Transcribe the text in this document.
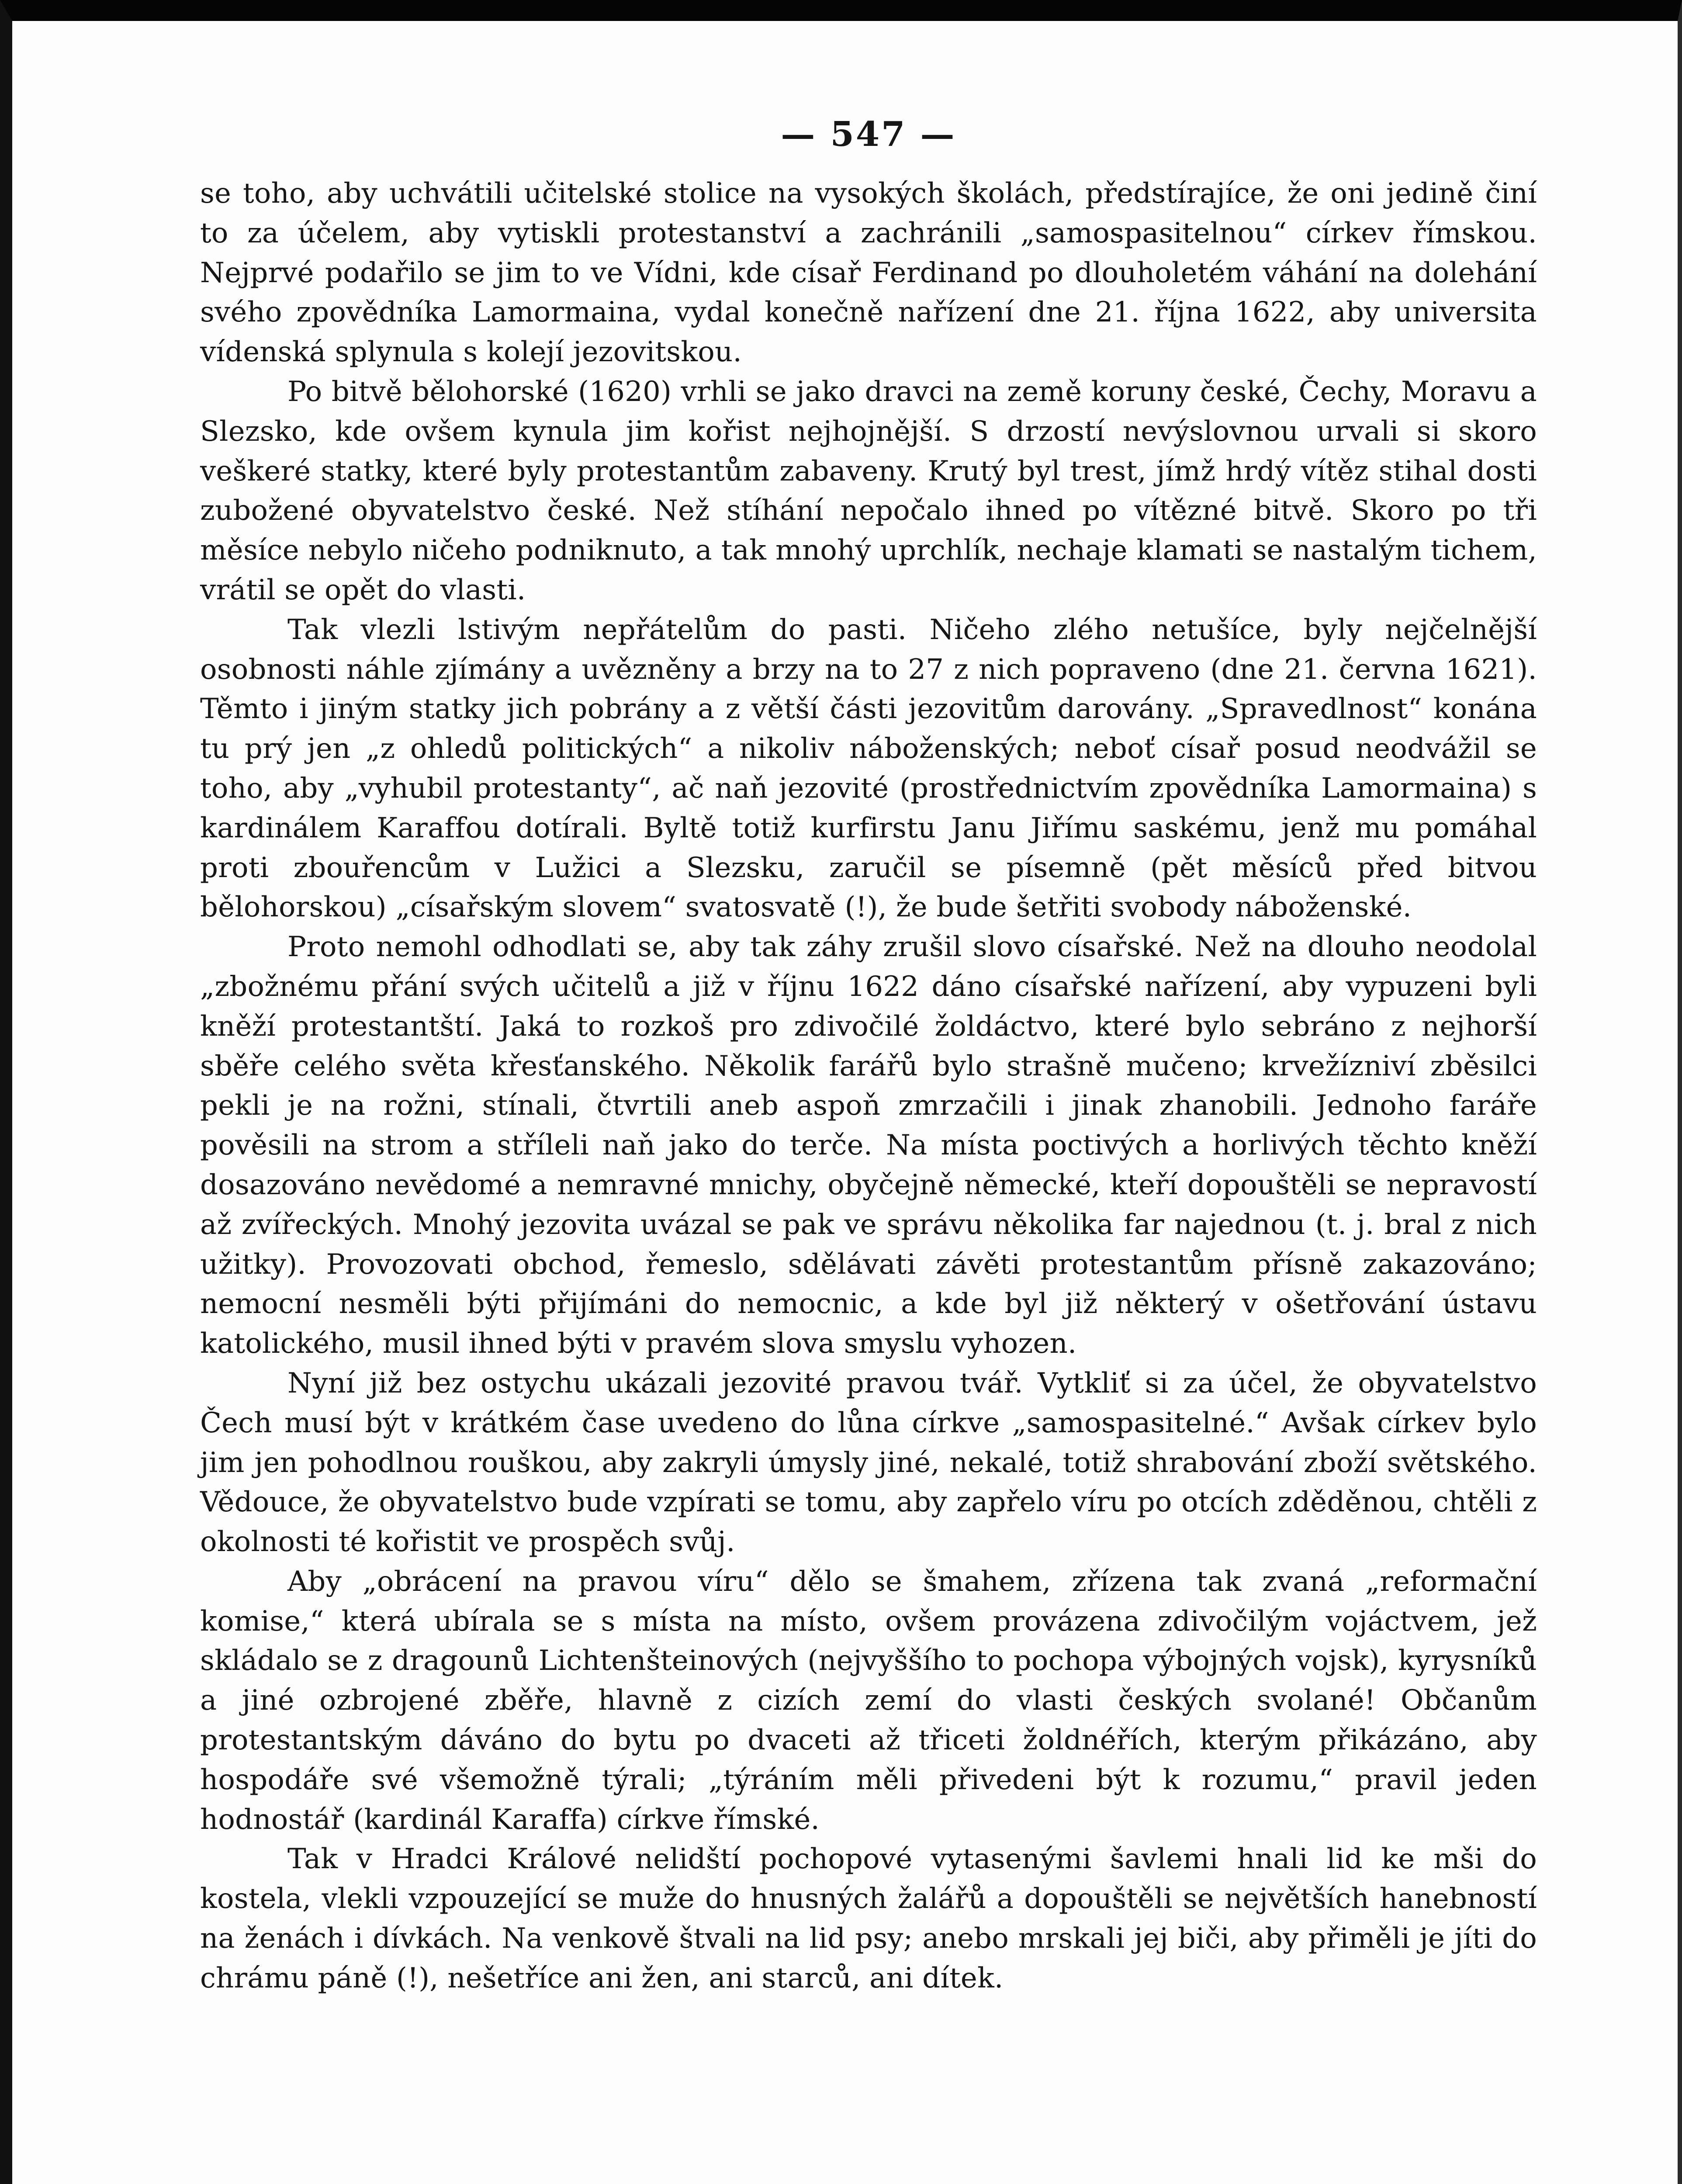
— 547 —

se toho, aby uchvátili učitelské stolice na vysokých školách, předstírajíce, že oni jedině činí to za účelem, aby vytiskli protestanství a zachránili „samospasitelnou“ církev římskou. Nejprvé podařilo se jim to ve Vídni, kde císař Ferdinand po dlouholetém váhání na dolehání svého zpovědníka Lamormaina, vydal konečně nařízení dne 21. října 1622, aby universita vídenská splynula s kolejí jezovitskou.

Po bitvě bělohorské (1620) vrhli se jako dravci na země koruny české, Čechy, Moravu a Slezsko, kde ovšem kynula jim kořist nejhojnější. S drzostí nevýslovnou urvali si skoro veškeré statky, které byly protestantům zabaveny. Krutý byl trest, jímž hrdý vítěz stihal dosti zubožené obyvatelstvo české. Než stíhání nepočalo ihned po vítězné bitvě. Skoro po tři měsíce nebylo ničeho podniknuto, a tak mnohý uprchlík, nechaje klamati se nastalým tichem, vrátil se opět do vlasti.

Tak vlezli lstivým nepřátelům do pasti. Ničeho zlého netušíce, byly nejčelnější osobnosti náhle zjímány a uvězněny a brzy na to 27 z nich popraveno (dne 21. června 1621). Těmto i jiným statky jich pobrány a z větší části jezovitům darovány. „Spravedlnost“ konána tu prý jen „z ohledů politických“ a nikoliv náboženských; neboť císař posud neodvážil se toho, aby „vyhubil protestanty“, ač naň jezovité (prostřednictvím zpovědníka Lamormaina) s kardinálem Karaffou dotírali. Byltě totiž kurfirstu Janu Jiřímu saskému, jenž mu pomáhal proti zbouřencům v Lužici a Slezsku, zaručil se písemně (pět měsíců před bitvou bělohorskou) „císařským slovem“ svatosvatě (!), že bude šetřiti svobody náboženské.

Proto nemohl odhodlati se, aby tak záhy zrušil slovo císařské. Než na dlouho neodolal „zbožnému přání svých učitelů a již v říjnu 1622 dáno císařské nařízení, aby vypuzeni byli kněží protestantští. Jaká to rozkoš pro zdivočilé žoldáctvo, které bylo sebráno z nejhorší sběře celého světa křesťanského. Několik farářů bylo strašně mučeno; krvežízniví zběsilci pekli je na rožni, stínali, čtvrtili aneb aspoň zmrzačili i jinak zhanobili. Jednoho faráře pověsili na strom a stříleli naň jako do terče. Na místa poctivých a horlivých těchto kněží dosazováno nevědomé a nemravné mnichy, obyčejně německé, kteří dopouštěli se nepravostí až zvířeckých. Mnohý jezovita uvázal se pak ve správu několika far najednou (t. j. bral z nich užitky). Provozovati obchod, řemeslo, sdělávati závěti protestantům přísně zakazováno; nemocní nesměli býti přijímáni do nemocnic, a kde byl již některý v ošetřování ústavu katolického, musil ihned býti v pravém slova smyslu vyhozen.

Nyní již bez ostychu ukázali jezovité pravou tvář. Vytkliť si za účel, že obyvatelstvo Čech musí být v krátkém čase uvedeno do lůna církve „samospasitelné.“ Avšak církev bylo jim jen pohodlnou rouškou, aby zakryli úmysly jiné, nekalé, totiž shrabování zboží světského. Vědouce, že obyvatelstvo bude vzpírati se tomu, aby zapřelo víru po otcích zděděnou, chtěli z okolnosti té kořistit ve prospěch svůj.

Aby „obrácení na pravou víru“ dělo se šmahem, zřízena tak zvaná „reformační komise,“ která ubírala se s místa na místo, ovšem provázena zdivočilým vojáctvem, jež skládalo se z dragounů Lichtenšteinových (nejvyššího to pochopa výbojných vojsk), kyrysníků a jiné ozbrojené zběře, hlavně z cizích zemí do vlasti českých svolané! Občanům protestantským dáváno do bytu po dvaceti až třiceti žoldnéřích, kterým přikázáno, aby hospodáře své všemožně týrali; „týráním měli přivedeni být k rozumu,“ pravil jeden hodnostář (kardinál Karaffa) církve římské.

Tak v Hradci Králové nelidští pochopové vytasenými šavlemi hnali lid ke mši do kostela, vlekli vzpouzející se muže do hnusných žalářů a dopouštěli se největších hanebností na ženách i dívkách. Na venkově štvali na lid psy; anebo mrskali jej biči, aby přiměli je jíti do chrámu páně (!), nešetříce ani žen, ani starců, ani dítek.
